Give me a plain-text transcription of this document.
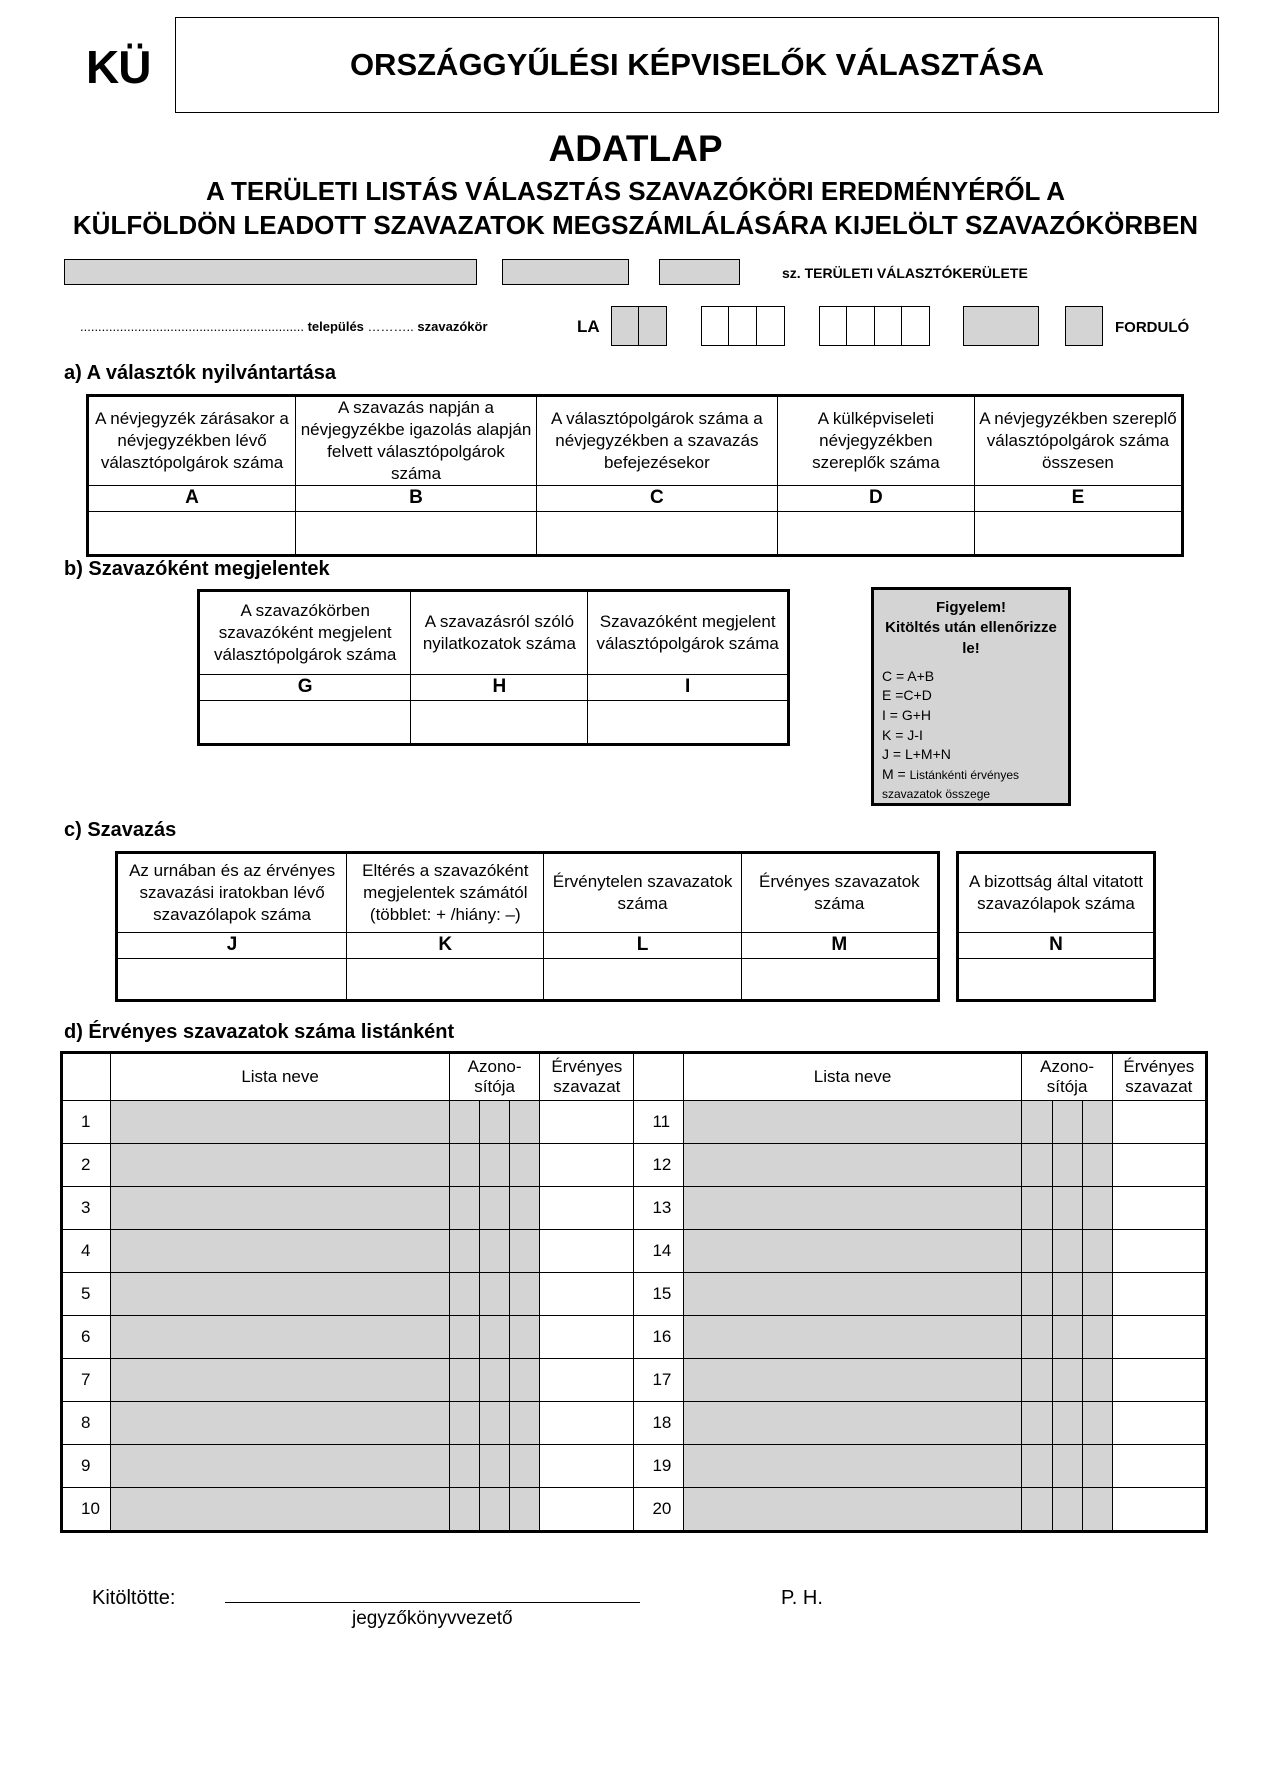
KÜ	ORSZÁGGYŰLÉSI KÉPVISELŐK VÁLASZTÁSA
ADATLAP
A TERÜLETI LISTÁS VÁLASZTÁS SZAVAZÓKÖRI EREDMÉNYÉRŐL A
KÜLFÖLDÖN LEADOTT SZAVAZATOK MEGSZÁMLÁLÁSÁRA KIJELÖLT SZAVAZÓKÖRBEN
sz. TERÜLETI VÁLASZTÓKERÜLETE
.............................................................. település ……….. szavazókör	LA	FORDULÓ
a) A választók nyilvántartása
A névjegyzék zárásakor a névjegyzékben lévő választópolgárok száma	A szavazás napján a névjegyzékbe igazolás alapján felvett választópolgárok száma	A választópolgárok száma a névjegyzékben a szavazás befejezésekor	A külképviseleti névjegyzékben szereplők száma	A névjegyzékben szereplő választópolgárok száma összesen
A	B	C	D	E

b) Szavazóként megjelentek
A szavazókörben szavazóként megjelent választópolgárok száma	A szavazásról szóló nyilatkozatok száma	Szavazóként megjelent választópolgárok száma
G	H	I

Figyelem!
Kitöltés után ellenőrizze le!
C = A+B
E =C+D
I = G+H
K = J-I
J = L+M+N
M = Listánkénti érvényes szavazatok összege
c) Szavazás
Az urnában és az érvényes szavazási iratokban lévő szavazólapok száma	Eltérés a szavazóként megjelentek számától (többlet: + /hiány: –)	Érvénytelen szavazatok száma	Érvényes szavazatok száma
J	K	L	M

A bizottság által vitatott szavazólapok száma
N

d) Érvényes szavazatok száma listánként
	Lista neve	Azono-sítója			Érvényes szavazat		Lista neve	Azono-sítója			Érvényes szavazat
1						11					
2						12					
3						13					
4						14					
5						15					
6						16					
7						17					
8						18					
9						19					
10						20					
Kitöltötte:
jegyzőkönyvvezető
P. H.
